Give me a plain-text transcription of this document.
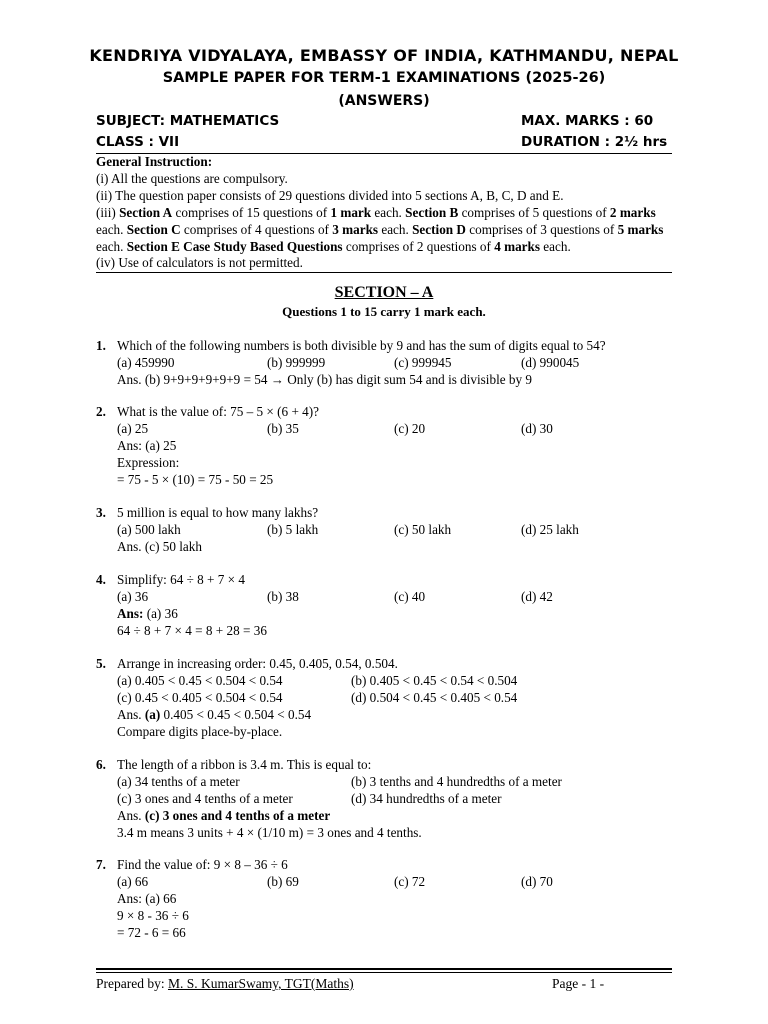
KENDRIYA VIDYALAYA, EMBASSY OF INDIA, KATHMANDU, NEPAL
SAMPLE PAPER FOR TERM-1 EXAMINATIONS (2025-26)
(ANSWERS)
SUBJECT: MATHEMATICS	MAX. MARKS : 60
CLASS : VII	DURATION : 2½ hrs
General Instruction:
(i) All the questions are compulsory.
(ii) The question paper consists of 29 questions divided into 5 sections A, B, C, D and E.
(iii) Section A comprises of 15 questions of 1 mark each. Section B comprises of 5 questions of 2 marks each. Section C comprises of 4 questions of 3 marks each. Section D comprises of 3 questions of 5 marks each. Section E Case Study Based Questions comprises of 2 questions of 4 marks each.
(iv) Use of calculators is not permitted.
SECTION – A
Questions 1 to 15 carry 1 mark each.
1. Which of the following numbers is both divisible by 9 and has the sum of digits equal to 54?
(a) 459990	(b) 999999	(c) 999945	(d) 990045
Ans. (b) 9+9+9+9+9+9 = 54 → Only (b) has digit sum 54 and is divisible by 9
2. What is the value of: 75 – 5 × (6 + 4)?
(a) 25	(b) 35	(c) 20	(d) 30
Ans: (a) 25
Expression:
= 75 - 5 × (10) = 75 - 50 = 25
3. 5 million is equal to how many lakhs?
(a) 500 lakh	(b) 5 lakh	(c) 50 lakh	(d) 25 lakh
Ans. (c) 50 lakh
4. Simplify: 64 ÷ 8 + 7 × 4
(a) 36	(b) 38	(c) 40	(d) 42
Ans: (a) 36
64 ÷ 8 + 7 × 4 = 8 + 28 = 36
5. Arrange in increasing order: 0.45, 0.405, 0.54, 0.504.
(a) 0.405 < 0.45 < 0.504 < 0.54	(b) 0.405 < 0.45 < 0.54 < 0.504
(c) 0.45 < 0.405 < 0.504 < 0.54	(d) 0.504 < 0.45 < 0.405 < 0.54
Ans. (a) 0.405 < 0.45 < 0.504 < 0.54
Compare digits place-by-place.
6. The length of a ribbon is 3.4 m. This is equal to:
(a) 34 tenths of a meter	(b) 3 tenths and 4 hundredths of a meter
(c) 3 ones and 4 tenths of a meter	(d) 34 hundredths of a meter
Ans. (c) 3 ones and 4 tenths of a meter
3.4 m means 3 units + 4 × (1/10 m) = 3 ones and 4 tenths.
7. Find the value of: 9 × 8 – 36 ÷ 6
(a) 66	(b) 69	(c) 72	(d) 70
Ans: (a) 66
9 × 8 - 36 ÷ 6
= 72 - 6 = 66
Prepared by: M. S. KumarSwamy, TGT(Maths)	Page - 1 -
